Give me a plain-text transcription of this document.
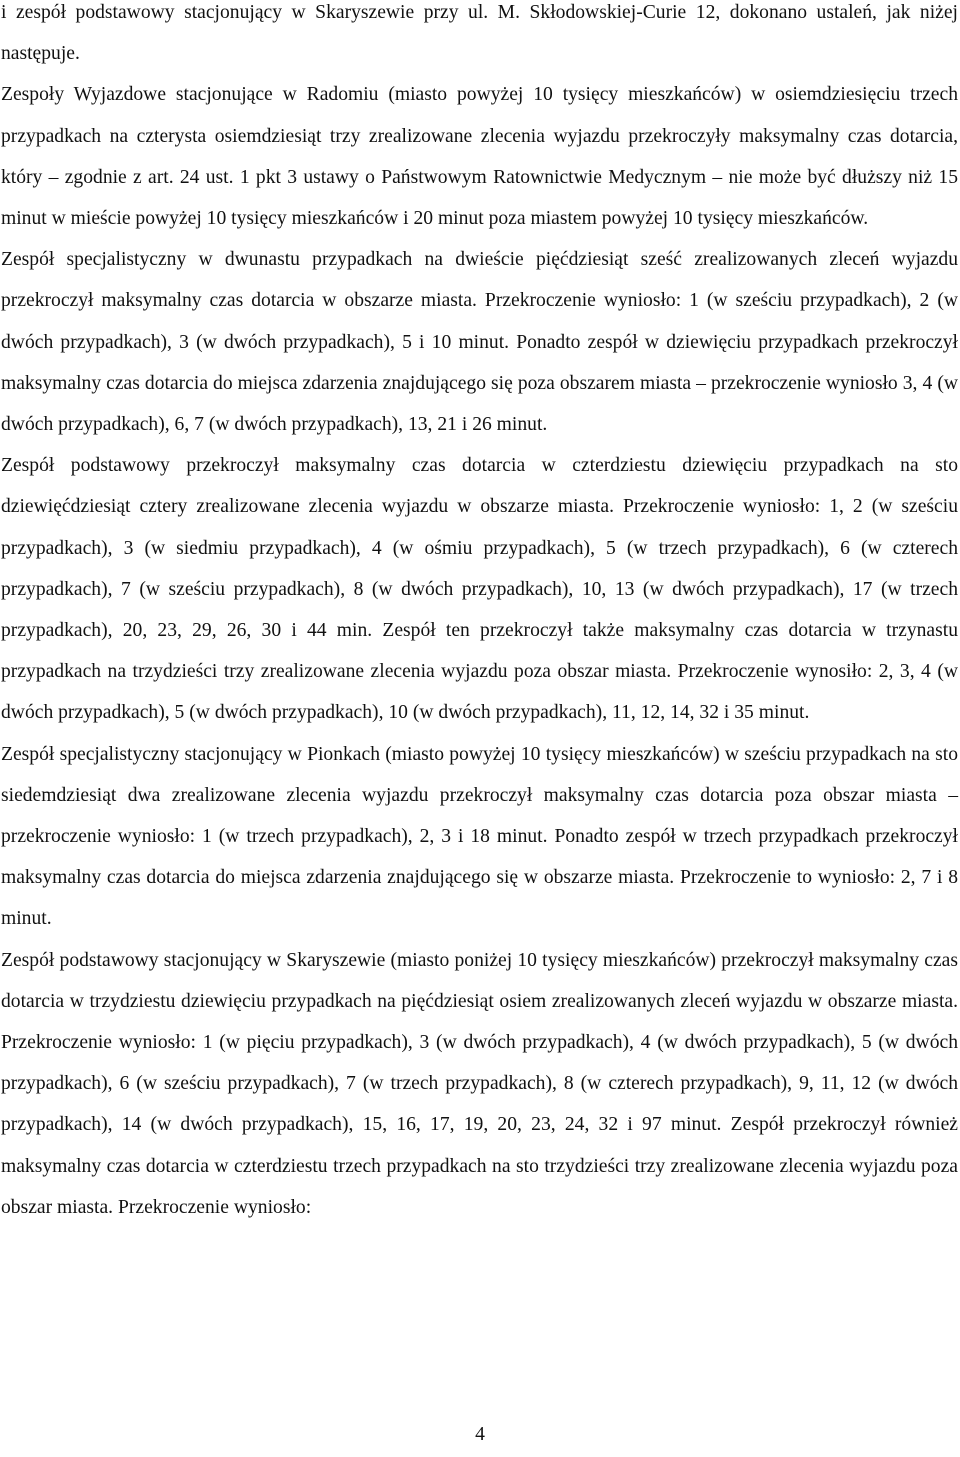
i zespół podstawowy stacjonujący w Skaryszewie przy ul. M. Skłodowskiej-Curie 12, dokonano ustaleń, jak niżej następuje.

Zespoły Wyjazdowe stacjonujące w Radomiu (miasto powyżej 10 tysięcy mieszkańców) w osiemdziesięciu trzech przypadkach na czterysta osiemdziesiąt trzy zrealizowane zlecenia wyjazdu przekroczyły maksymalny czas dotarcia, który – zgodnie z art. 24 ust. 1 pkt 3 ustawy o Państwowym Ratownictwie Medycznym – nie może być dłuższy niż 15 minut w mieście powyżej 10 tysięcy mieszkańców i 20 minut poza miastem powyżej 10 tysięcy mieszkańców.

Zespół specjalistyczny w dwunastu przypadkach na dwieście pięćdziesiąt sześć zrealizowanych zleceń wyjazdu przekroczył maksymalny czas dotarcia w obszarze miasta. Przekroczenie wyniosło: 1 (w sześciu przypadkach), 2 (w dwóch przypadkach), 3 (w dwóch przypadkach), 5 i 10 minut. Ponadto zespół w dziewięciu przypadkach przekroczył maksymalny czas dotarcia do miejsca zdarzenia znajdującego się poza obszarem miasta – przekroczenie wyniosło 3, 4 (w dwóch przypadkach), 6, 7 (w dwóch przypadkach), 13, 21 i 26 minut.

Zespół podstawowy przekroczył maksymalny czas dotarcia w czterdziestu dziewięciu przypadkach na sto dziewięćdziesiąt cztery zrealizowane zlecenia wyjazdu w obszarze miasta. Przekroczenie wyniosło: 1, 2 (w sześciu przypadkach), 3 (w siedmiu przypadkach), 4 (w ośmiu przypadkach), 5 (w trzech przypadkach), 6 (w czterech przypadkach), 7 (w sześciu przypadkach), 8 (w dwóch przypadkach), 10, 13 (w dwóch przypadkach), 17 (w trzech przypadkach), 20, 23, 29, 26, 30 i 44 min. Zespół ten przekroczył także maksymalny czas dotarcia w trzynastu przypadkach na trzydzieści trzy zrealizowane zlecenia wyjazdu poza obszar miasta. Przekroczenie wynosiło: 2, 3, 4 (w dwóch przypadkach), 5 (w dwóch przypadkach), 10 (w dwóch przypadkach), 11, 12, 14, 32 i 35 minut.

Zespół specjalistyczny stacjonujący w Pionkach (miasto powyżej 10 tysięcy mieszkańców) w sześciu przypadkach na sto siedemdziesiąt dwa zrealizowane zlecenia wyjazdu przekroczył maksymalny czas dotarcia poza obszar miasta – przekroczenie wyniosło: 1 (w trzech przypadkach), 2, 3 i 18 minut. Ponadto zespół w trzech przypadkach przekroczył maksymalny czas dotarcia do miejsca zdarzenia znajdującego się w obszarze miasta. Przekroczenie to wyniosło: 2, 7 i 8 minut.

Zespół podstawowy stacjonujący w Skaryszewie (miasto poniżej 10 tysięcy mieszkańców) przekroczył maksymalny czas dotarcia w trzydziestu dziewięciu przypadkach na pięćdziesiąt osiem zrealizowanych zleceń wyjazdu w obszarze miasta. Przekroczenie wyniosło: 1 (w pięciu przypadkach), 3 (w dwóch przypadkach), 4 (w dwóch przypadkach), 5 (w dwóch przypadkach), 6 (w sześciu przypadkach), 7 (w trzech przypadkach), 8 (w czterech przypadkach), 9, 11, 12 (w dwóch przypadkach), 14 (w dwóch przypadkach), 15, 16, 17, 19, 20, 23, 24, 32 i 97 minut. Zespół przekroczył również maksymalny czas dotarcia w czterdziestu trzech przypadkach na sto trzydzieści trzy zrealizowane zlecenia wyjazdu poza obszar miasta. Przekroczenie wyniosło:

4
